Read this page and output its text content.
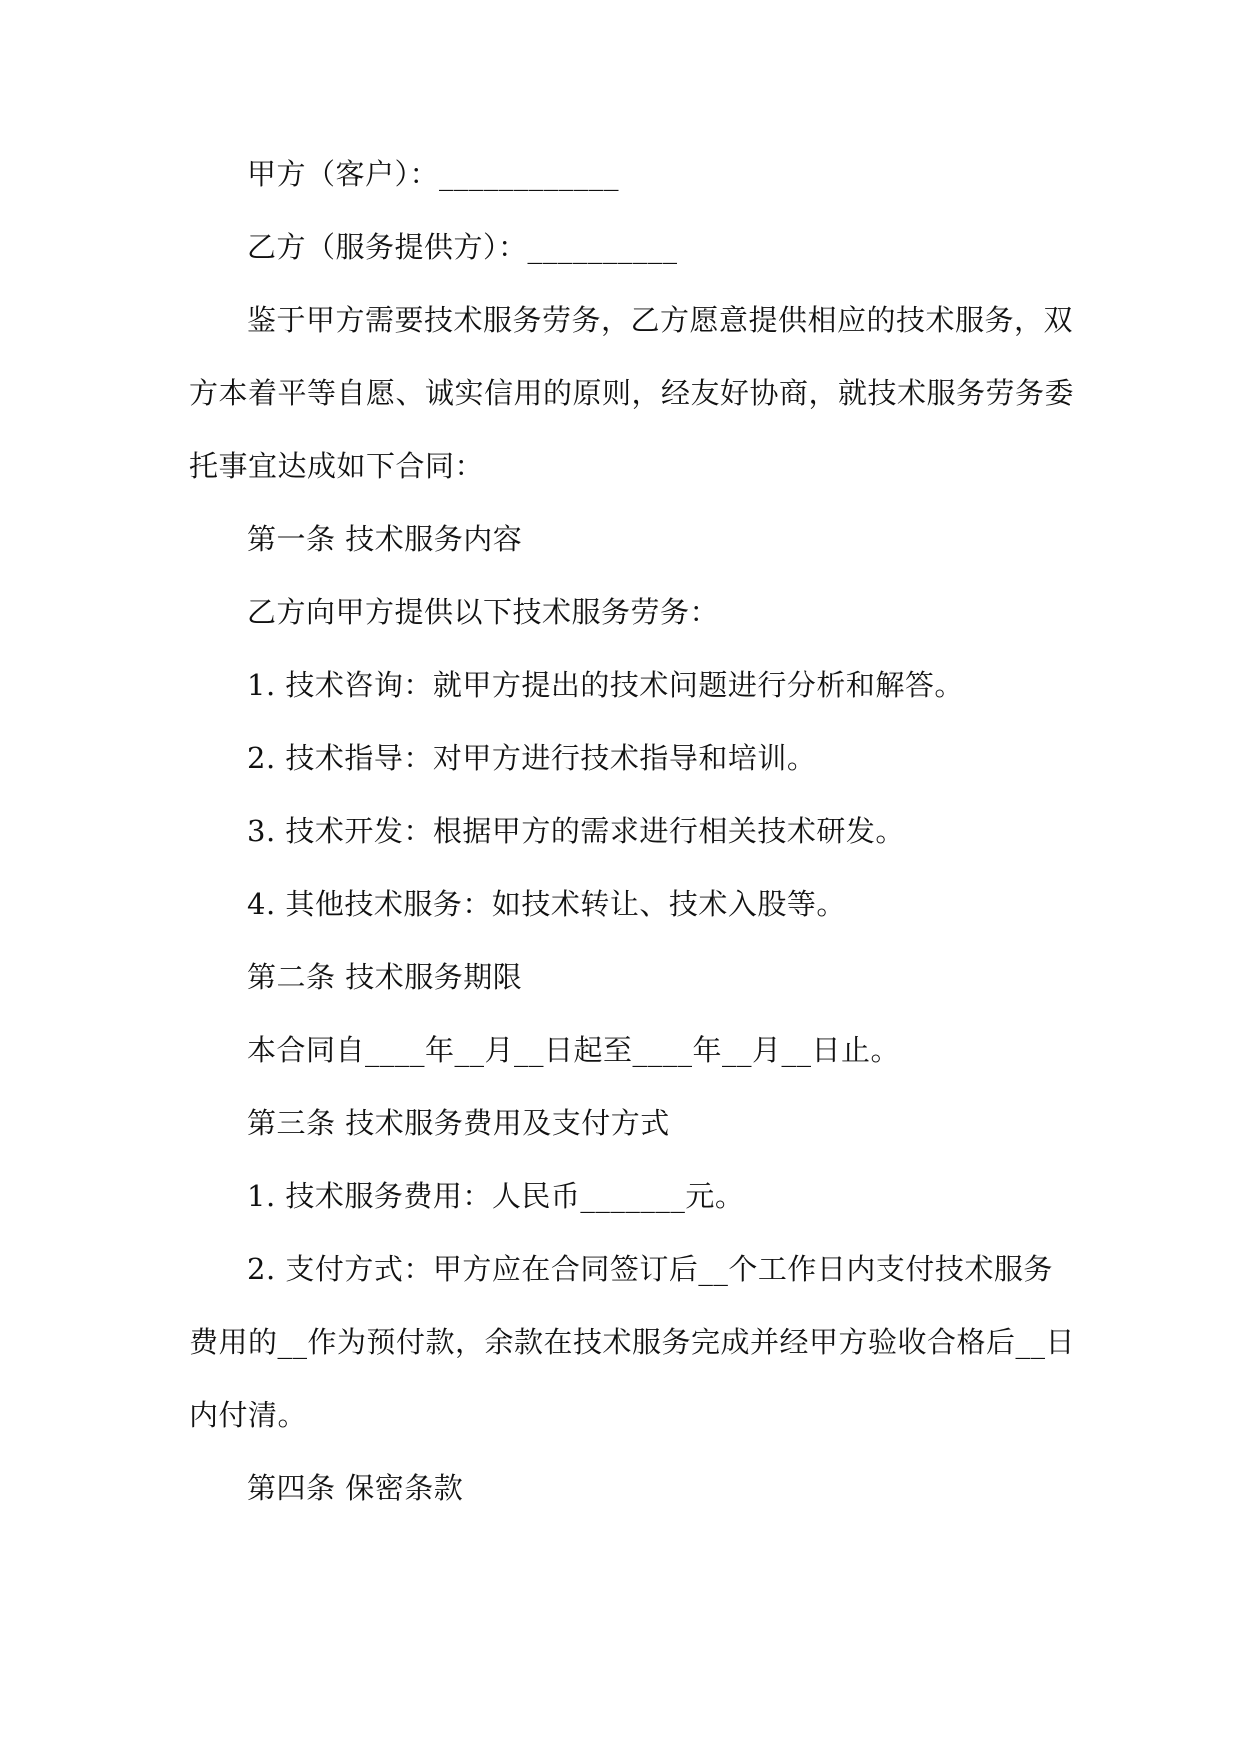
甲方（客户）：____________
乙方（服务提供方）：__________
鉴于甲方需要技术服务劳务，乙方愿意提供相应的技术服务，双
方本着平等自愿、诚实信用的原则，经友好协商，就技术服务劳务委
托事宜达成如下合同：
第一条 技术服务内容
乙方向甲方提供以下技术服务劳务：
1. 技术咨询：就甲方提出的技术问题进行分析和解答。
2. 技术指导：对甲方进行技术指导和培训。
3. 技术开发：根据甲方的需求进行相关技术研发。
4. 其他技术服务：如技术转让、技术入股等。
第二条 技术服务期限
本合同自____年__月__日起至____年__月__日止。
第三条 技术服务费用及支付方式
1. 技术服务费用：人民币_______元。
2. 支付方式：甲方应在合同签订后__个工作日内支付技术服务
费用的__作为预付款，余款在技术服务完成并经甲方验收合格后__日
内付清。
第四条 保密条款
